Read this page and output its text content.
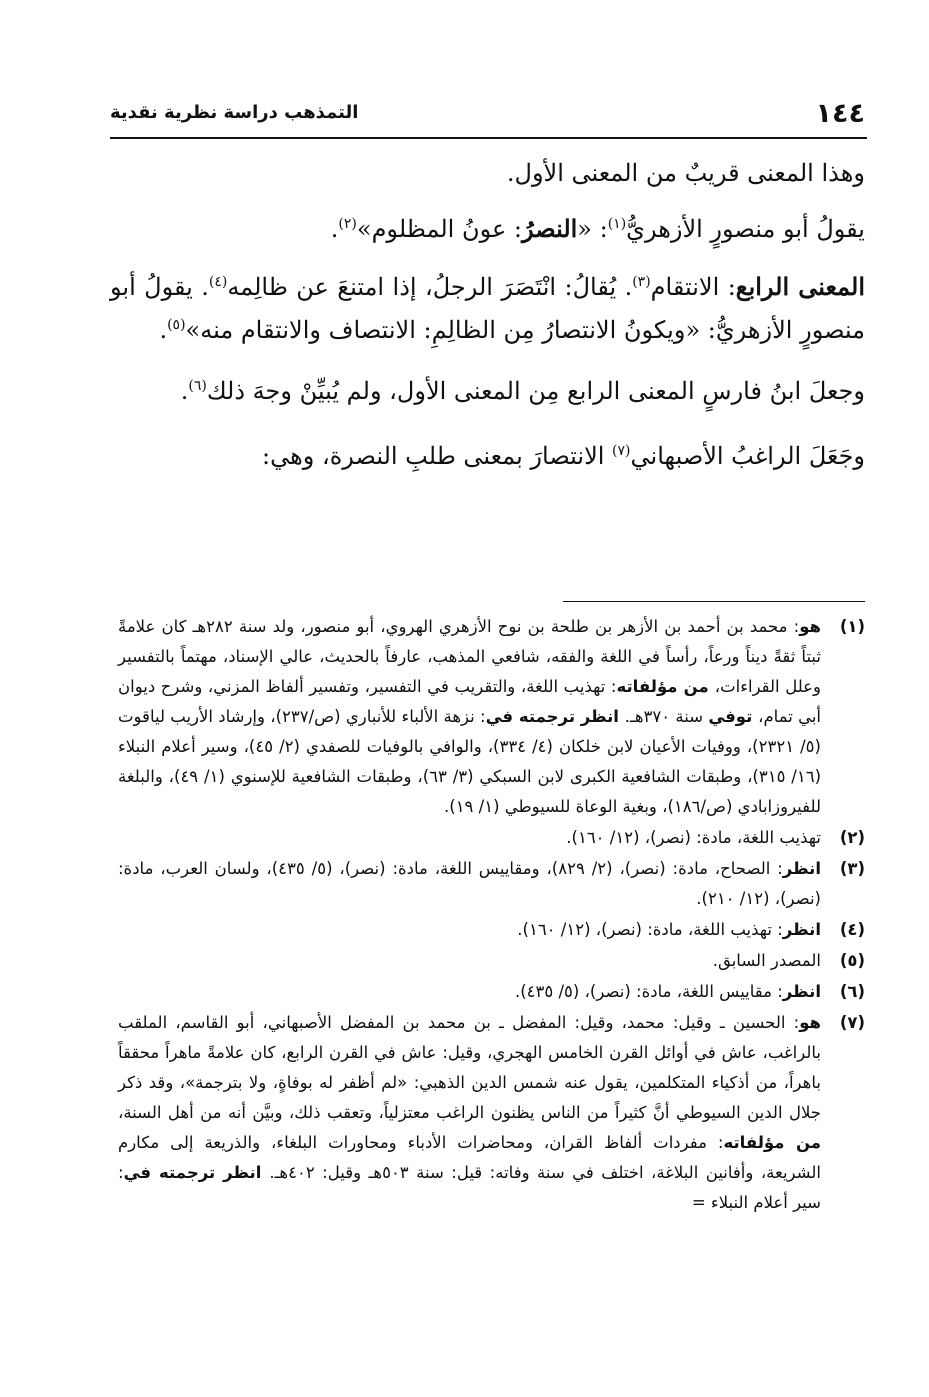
١٤٤
التمذهب دراسة نظرية نقدية

وهذا المعنى قريبٌ من المعنى الأول.

يقولُ أبو منصورٍ الأزهريُّ$^{(١)}$: «النصرُ: عونُ المظلوم»$^{(٢)}$.

المعنى الرابع: الانتقام$^{(٣)}$. يُقالُ: انْتَصَرَ الرجلُ، إذا امتنعَ عن ظالِمه$^{(٤)}$. يقولُ أبو منصورٍ الأزهريُّ: «ويكونُ الانتصارُ مِن الظالِمِ: الانتصاف والانتقام منه»$^{(٥)}$.

وجعلَ ابنُ فارسٍ المعنى الرابع مِن المعنى الأول، ولم يُبيِّنْ وجهَ ذلك$^{(٦)}$.

وجَعَلَ الراغبُ الأصبهاني$^{(٧)}$ الانتصارَ بمعنى طلبِ النصرة، وهي:

(١)
هو: محمد بن أحمد بن الأزهر بن طلحة بن نوح الأزهري الهروي، أبو منصور، ولد سنة ٢٨٢هـ كان علامةً ثبتاً ثقةً ديناً ورعاً، رأساً في اللغة والفقه، شافعي المذهب، عارفاً بالحديث، عالي الإسناد، مهتماً بالتفسير وعلل القراءات، من مؤلفاته: تهذيب اللغة، والتقريب في التفسير، وتفسير ألفاظ المزني، وشرح ديوان أبي تمام، توفي سنة ٣٧٠هـ. انظر ترجمته في: نزهة الألباء للأنباري (ص/٢٣٧)، وإرشاد الأريب لياقوت (٥/ ٢٣٢١)، ووفيات الأعيان لابن خلكان (٤/ ٣٣٤)، والوافي بالوفيات للصفدي (٢/ ٤٥)، وسير أعلام النبلاء (١٦/ ٣١٥)، وطبقات الشافعية الكبرى لابن السبكي (٣/ ٦٣)، وطبقات الشافعية للإسنوي (١/ ٤٩)، والبلغة للفيروزابادي (ص/١٨٦)، وبغية الوعاة للسيوطي (١/ ١٩).
(٢)
تهذيب اللغة، مادة: (نصر)، (١٢/ ١٦٠).
(٣)
انظر: الصحاح، مادة: (نصر)، (٢/ ٨٢٩)، ومقاييس اللغة، مادة: (نصر)، (٥/ ٤٣٥)، ولسان العرب، مادة: (نصر)، (١٢/ ٢١٠).
(٤)
انظر: تهذيب اللغة، مادة: (نصر)، (١٢/ ١٦٠).
(٥)
المصدر السابق.
(٦)
انظر: مقاييس اللغة، مادة: (نصر)، (٥/ ٤٣٥).
(٧)
هو: الحسين ـ وقيل: محمد، وقيل: المفضل ـ بن محمد بن المفضل الأصبهاني، أبو القاسم، الملقب بالراغب، عاش في أوائل القرن الخامس الهجري، وقيل: عاش في القرن الرابع، كان علامةً ماهراً محققاً باهراً، من أذكياء المتكلمين، يقول عنه شمس الدين الذهبي: «لم أظفر له بوفاةٍ، ولا بترجمة»، وقد ذكر جلال الدين السيوطي أنَّ كثيراً من الناس يظنون الراغب معتزلياً، وتعقب ذلك، وبيَّن أنه من أهل السنة، من مؤلفاته: مفردات ألفاظ القران، ومحاضرات الأدباء ومحاورات البلغاء، والذريعة إلى مكارم الشريعة، وأفانين البلاغة، اختلف في سنة وفاته: قيل: سنة ٥٠٣هـ وقيل: ٤٠٢هـ. انظر ترجمته في: سير أعلام النبلاء =
